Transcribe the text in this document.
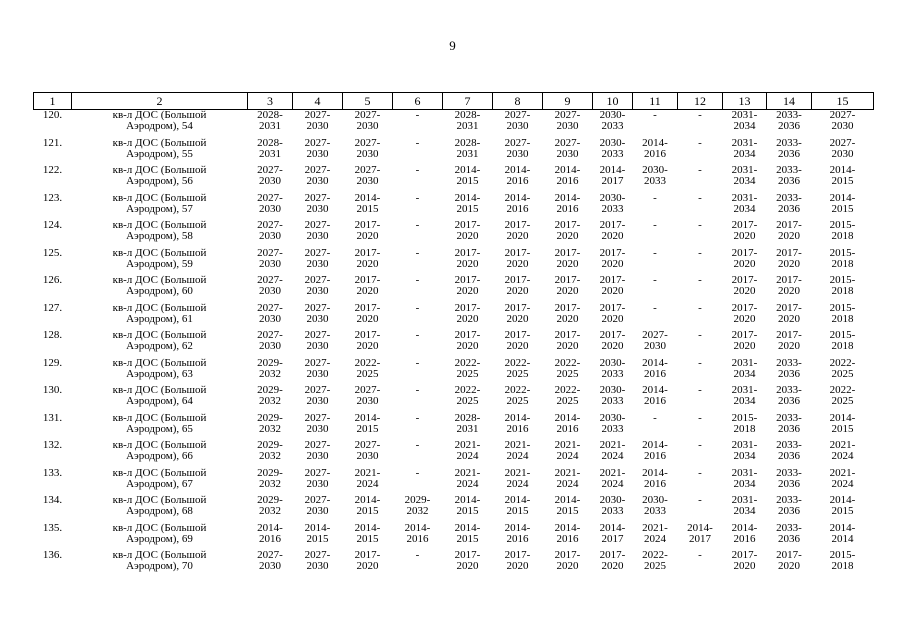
9
1	2	3	4	5	6	7	8	9	10	11	12	13	14	15
120.	кв-л ДОС (Большой
Аэродром), 54	2028-
2031	2027-
2030	2027-
2030	-	2028-
2031	2027-
2030	2027-
2030	2030-
2033	-	-	2031-
2034	2033-
2036	2027-
2030

121.	кв-л ДОС (Большой
Аэродром), 55	2028-
2031	2027-
2030	2027-
2030	-	2028-
2031	2027-
2030	2027-
2030	2030-
2033	2014-
2016	-	2031-
2034	2033-
2036	2027-
2030

122.	кв-л ДОС (Большой
Аэродром), 56	2027-
2030	2027-
2030	2027-
2030	-	2014-
2015	2014-
2016	2014-
2016	2014-
2017	2030-
2033	-	2031-
2034	2033-
2036	2014-
2015

123.	кв-л ДОС (Большой
Аэродром), 57	2027-
2030	2027-
2030	2014-
2015	-	2014-
2015	2014-
2016	2014-
2016	2030-
2033	-	-	2031-
2034	2033-
2036	2014-
2015

124.	кв-л ДОС (Большой
Аэродром), 58	2027-
2030	2027-
2030	2017-
2020	-	2017-
2020	2017-
2020	2017-
2020	2017-
2020	-	-	2017-
2020	2017-
2020	2015-
2018

125.	кв-л ДОС (Большой
Аэродром), 59	2027-
2030	2027-
2030	2017-
2020	-	2017-
2020	2017-
2020	2017-
2020	2017-
2020	-	-	2017-
2020	2017-
2020	2015-
2018

126.	кв-л ДОС (Большой
Аэродром), 60	2027-
2030	2027-
2030	2017-
2020	-	2017-
2020	2017-
2020	2017-
2020	2017-
2020	-	-	2017-
2020	2017-
2020	2015-
2018

127.	кв-л ДОС (Большой
Аэродром), 61	2027-
2030	2027-
2030	2017-
2020	-	2017-
2020	2017-
2020	2017-
2020	2017-
2020	-	-	2017-
2020	2017-
2020	2015-
2018

128.	кв-л ДОС (Большой
Аэродром), 62	2027-
2030	2027-
2030	2017-
2020	-	2017-
2020	2017-
2020	2017-
2020	2017-
2020	2027-
2030	-	2017-
2020	2017-
2020	2015-
2018

129.	кв-л ДОС (Большой
Аэродром), 63	2029-
2032	2027-
2030	2022-
2025	-	2022-
2025	2022-
2025	2022-
2025	2030-
2033	2014-
2016	-	2031-
2034	2033-
2036	2022-
2025

130.	кв-л ДОС (Большой
Аэродром), 64	2029-
2032	2027-
2030	2027-
2030	-	2022-
2025	2022-
2025	2022-
2025	2030-
2033	2014-
2016	-	2031-
2034	2033-
2036	2022-
2025

131.	кв-л ДОС (Большой
Аэродром), 65	2029-
2032	2027-
2030	2014-
2015	-	2028-
2031	2014-
2016	2014-
2016	2030-
2033	-	-	2015-
2018	2033-
2036	2014-
2015

132.	кв-л ДОС (Большой
Аэродром), 66	2029-
2032	2027-
2030	2027-
2030	-	2021-
2024	2021-
2024	2021-
2024	2021-
2024	2014-
2016	-	2031-
2034	2033-
2036	2021-
2024

133.	кв-л ДОС (Большой
Аэродром), 67	2029-
2032	2027-
2030	2021-
2024	-	2021-
2024	2021-
2024	2021-
2024	2021-
2024	2014-
2016	-	2031-
2034	2033-
2036	2021-
2024

134.	кв-л ДОС (Большой
Аэродром), 68	2029-
2032	2027-
2030	2014-
2015	2029-
2032	2014-
2015	2014-
2015	2014-
2015	2030-
2033	2030-
2033	-	2031-
2034	2033-
2036	2014-
2015

135.	кв-л ДОС (Большой
Аэродром), 69	2014-
2016	2014-
2015	2014-
2015	2014-
2016	2014-
2015	2014-
2016	2014-
2016	2014-
2017	2021-
2024	2014-
2017	2014-
2016	2033-
2036	2014-
2014

136.	кв-л ДОС (Большой
Аэродром), 70	2027-
2030	2027-
2030	2017-
2020	-	2017-
2020	2017-
2020	2017-
2020	2017-
2020	2022-
2025	-	2017-
2020	2017-
2020	2015-
2018
